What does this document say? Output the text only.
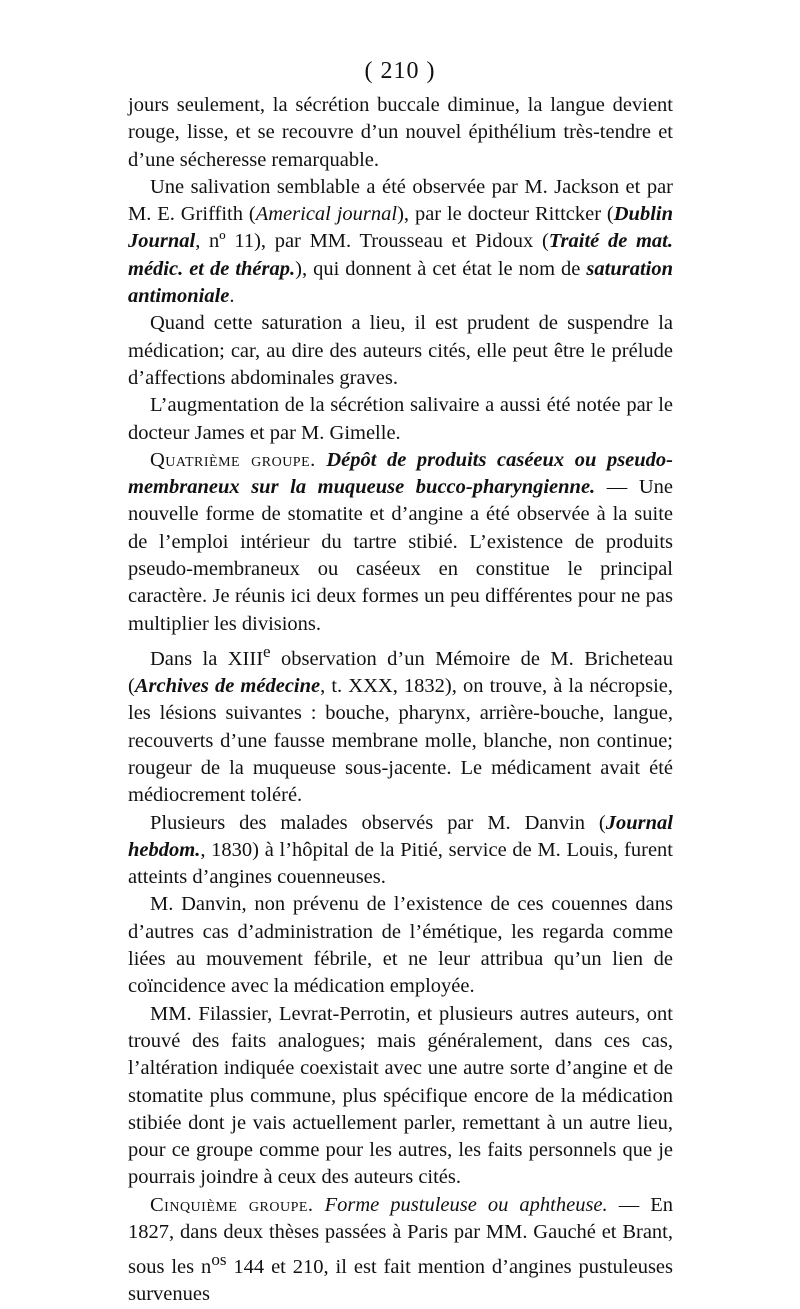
( 210 )

jours seulement, la sécrétion buccale diminue, la langue devient rouge, lisse, et se recouvre d’un nouvel épithélium très-tendre et d’une sécheresse remarquable.

Une salivation semblable a été observée par M. Jackson et par M. E. Griffith (Americal journal), par le docteur Rittcker (Dublin Journal, nº 11), par MM. Trousseau et Pidoux (Traité de mat. médic. et de thérap.), qui donnent à cet état le nom de saturation antimoniale.

Quand cette saturation a lieu, il est prudent de suspendre la médication; car, au dire des auteurs cités, elle peut être le prélude d’affections abdominales graves.

L’augmentation de la sécrétion salivaire a aussi été notée par le docteur James et par M. Gimelle.

Quatrième groupe. Dépôt de produits caséeux ou pseudo-membraneux sur la muqueuse bucco-pharyngienne. — Une nouvelle forme de stomatite et d’angine a été observée à la suite de l’emploi intérieur du tartre stibié. L’existence de produits pseudo-membraneux ou caséeux en constitue le principal caractère. Je réunis ici deux formes un peu différentes pour ne pas multiplier les divisions.

Dans la XIIIe observation d’un Mémoire de M. Bricheteau (Archives de médecine, t. XXX, 1832), on trouve, à la nécropsie, les lésions suivantes : bouche, pharynx, arrière-bouche, langue, recouverts d’une fausse membrane molle, blanche, non continue; rougeur de la muqueuse sous-jacente. Le médicament avait été médiocrement toléré.

Plusieurs des malades observés par M. Danvin (Journal hebdom., 1830) à l’hôpital de la Pitié, service de M. Louis, furent atteints d’angines couenneuses.

M. Danvin, non prévenu de l’existence de ces couennes dans d’autres cas d’administration de l’émétique, les regarda comme liées au mouvement fébrile, et ne leur attribua qu’un lien de coïncidence avec la médication employée.

MM. Filassier, Levrat-Perrotin, et plusieurs autres auteurs, ont trouvé des faits analogues; mais généralement, dans ces cas, l’altération indiquée coexistait avec une autre sorte d’angine et de stomatite plus commune, plus spécifique encore de la médication stibiée dont je vais actuellement parler, remettant à un autre lieu, pour ce groupe comme pour les autres, les faits personnels que je pourrais joindre à ceux des auteurs cités.

Cinquième groupe. Forme pustuleuse ou aphtheuse. — En 1827, dans deux thèses passées à Paris par MM. Gauché et Brant, sous les $n^{os}$ 144 et 210, il est fait mention d’angines pustuleuses survenues
